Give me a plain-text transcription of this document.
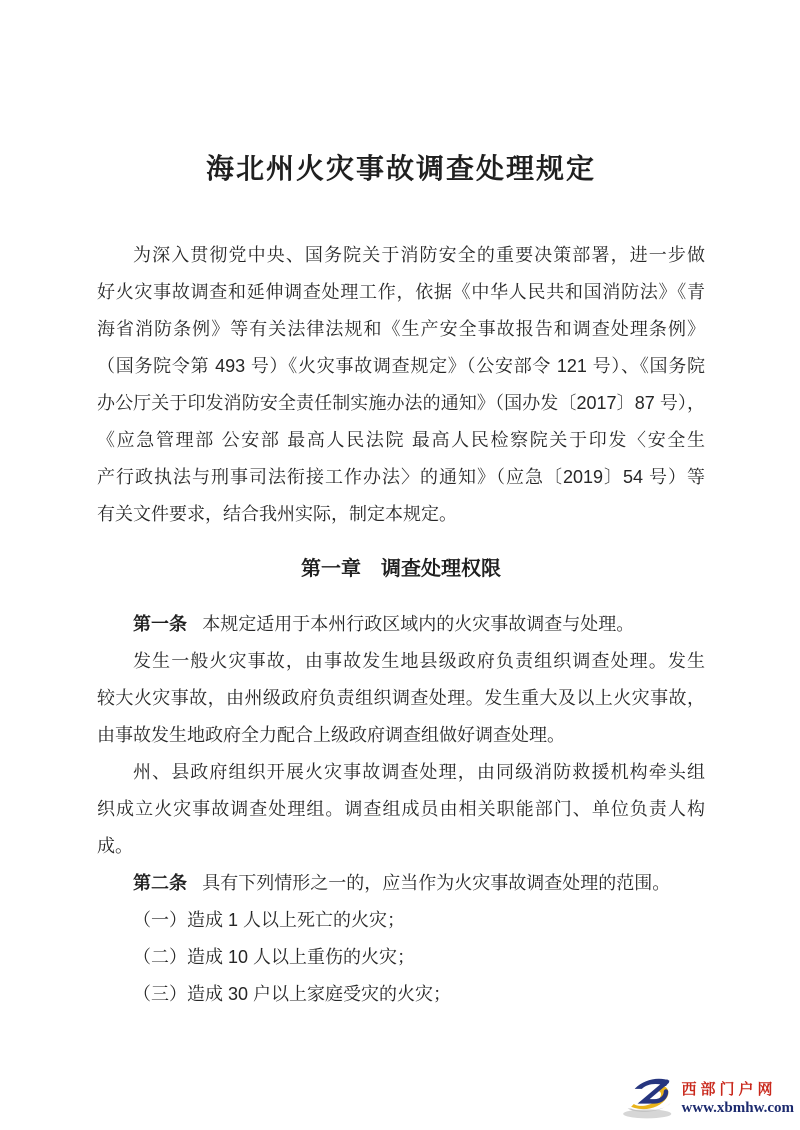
海北州火灾事故调查处理规定
为深入贯彻党中央、国务院关于消防安全的重要决策部署，进一步做
好火灾事故调查和延伸调查处理工作，依据《中华人民共和国消防法》《青
海省消防条例》等有关法律法规和《生产安全事故报告和调查处理条例》
（国务院令第 493 号）《火灾事故调查规定》（公安部令 121 号）、《国务院
办公厅关于印发消防安全责任制实施办法的通知》（国办发〔2017〕87 号），
《应急管理部 公安部 最高人民法院 最高人民检察院关于印发〈安全生
产行政执法与刑事司法衔接工作办法〉的通知》（应急〔2019〕54 号）等
有关文件要求，结合我州实际，制定本规定。
第一章　调查处理权限
第一条 本规定适用于本州行政区域内的火灾事故调查与处理。
发生一般火灾事故，由事故发生地县级政府负责组织调查处理。发生
较大火灾事故，由州级政府负责组织调查处理。发生重大及以上火灾事故，
由事故发生地政府全力配合上级政府调查组做好调查处理。
州、县政府组织开展火灾事故调查处理，由同级消防救援机构牵头组
织成立火灾事故调查处理组。调查组成员由相关职能部门、单位负责人构
成。
第二条 具有下列情形之一的，应当作为火灾事故调查处理的范围。
（一）造成 1 人以上死亡的火灾；
（二）造成 10 人以上重伤的火灾；
（三）造成 30 户以上家庭受灾的火灾；
西部门户网
www.xbmhw.com
